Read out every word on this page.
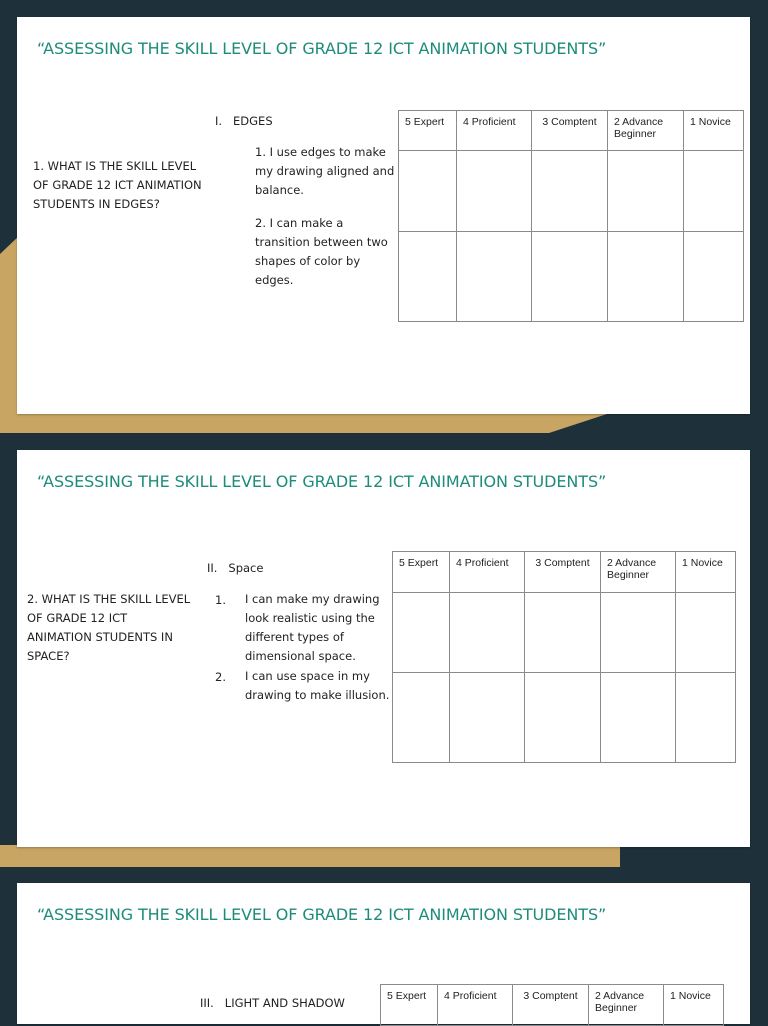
“ASSESSING THE SKILL LEVEL OF GRADE 12 ICT ANIMATION STUDENTS”

1. WHAT IS THE SKILL LEVEL OF GRADE 12 ICT ANIMATION STUDENTS IN EDGES?

I.   EDGES

1. I use edges to make my drawing aligned and balance.

2. I can make a transition between two shapes of color by edges.

5 Expert	4 Proficient	3 Comptent	2 Advance Beginner	1 Novice

“ASSESSING THE SKILL LEVEL OF GRADE 12 ICT ANIMATION STUDENTS”

2. WHAT IS THE SKILL LEVEL OF GRADE 12 ICT ANIMATION STUDENTS IN SPACE?

II.   Space

1. I can make my drawing look realistic using the different types of dimensional space.

2. I can use space in my drawing to make illusion.

5 Expert	4 Proficient	3 Comptent	2 Advance Beginner	1 Novice

“ASSESSING THE SKILL LEVEL OF GRADE 12 ICT ANIMATION STUDENTS”

III.   LIGHT AND SHADOW	5 Expert	4 Proficient	3 Comptent	2 Advance Beginner	1 Novice
